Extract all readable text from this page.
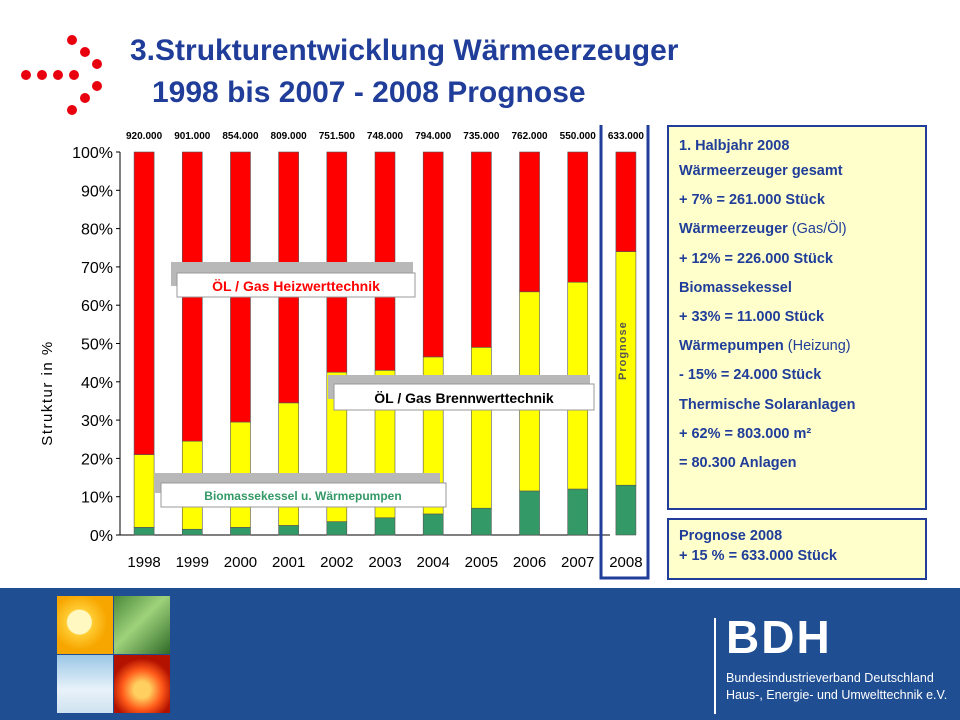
3.Strukturentwicklung Wärmeerzeuger
1998 bis 2007 - 2008 Prognose
0%
10%
20%
30%
40%
50%
60%
70%
80%
90%
100%
920.000 901.000 854.000 809.000 751.500 748.000 794.000 735.000 762.000 550.000 633.000
1998 1999 2000 2001 2002 2003 2004 2005 2006 2007 2008
Struktur in %	Prognose
ÖL / Gas Heizwerttechnik
ÖL / Gas Brennwerttechnik
Biomassekessel u. Wärmepumpen
1. Halbjahr 2008
Wärmeerzeuger gesamt
+ 7% = 261.000 Stück
Wärmeerzeuger (Gas/Öl)
+ 12% = 226.000 Stück
Biomassekessel
+ 33% = 11.000 Stück
Wärmepumpen (Heizung)
- 15% = 24.000 Stück
Thermische Solaranlagen
+ 62% = 803.000 m²
= 80.300 Anlagen
Prognose 2008
+ 15 % = 633.000 Stück
BDH
Bundesindustrieverband Deutschland
Haus-, Energie- und Umwelttechnik e.V.
